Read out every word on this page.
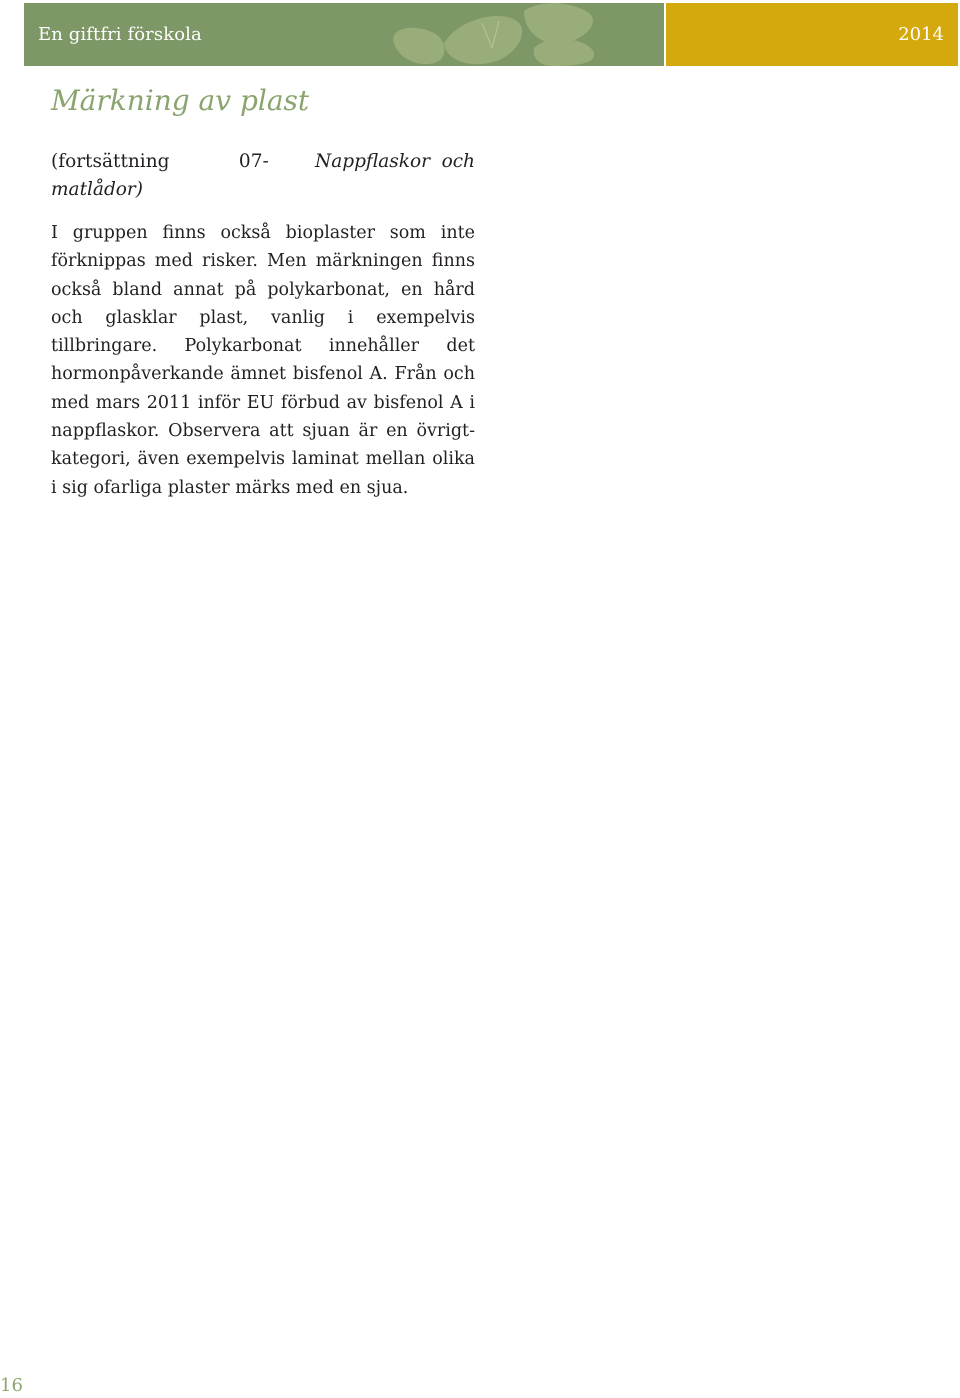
En giftfri förskola	2014
Märkning av plast

(fortsättning	07-	Nappflaskor och matlådor)

I gruppen finns också bioplaster som inte förknippas med risker. Men märkningen finns också bland annat på polykarbonat, en hård och glasklar plast, vanlig i exempelvis tillbringare. Polykarbonat innehåller det hormonpåverkande ämnet bisfenol A. Från och med mars 2011 inför EU förbud av bisfenol A i nappflaskor. Observera att sjuan är en övrigt-kategori, även exempelvis laminat mellan olika i sig ofarliga plaster märks med en sjua.

16
